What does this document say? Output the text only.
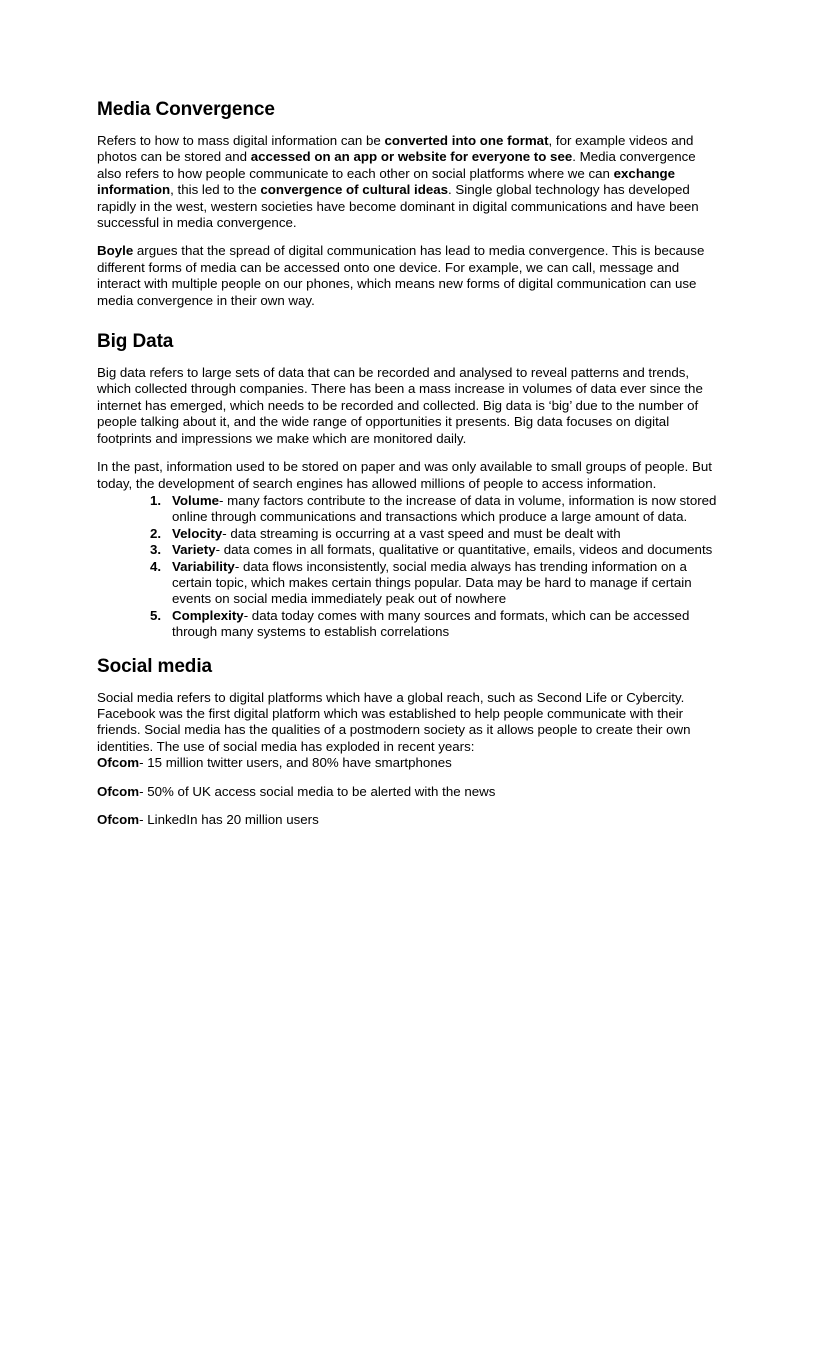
Media Convergence

Refers to how to mass digital information can be converted into one format, for example videos and photos can be stored and accessed on an app or website for everyone to see. Media convergence also refers to how people communicate to each other on social platforms where we can exchange information, this led to the convergence of cultural ideas. Single global technology has developed rapidly in the west, western societies have become dominant in digital communications and have been successful in media convergence.

Boyle argues that the spread of digital communication has lead to media convergence. This is because different forms of media can be accessed onto one device. For example, we can call, message and interact with multiple people on our phones, which means new forms of digital communication can use media convergence in their own way.

Big Data

Big data refers to large sets of data that can be recorded and analysed to reveal patterns and trends, which collected through companies. There has been a mass increase in volumes of data ever since the internet has emerged, which needs to be recorded and collected. Big data is ‘big’ due to the number of people talking about it, and the wide range of opportunities it presents. Big data focuses on digital footprints and impressions we make which are monitored daily.

In the past, information used to be stored on paper and was only available to small groups of people. But today, the development of search engines has allowed millions of people to access information.

Volume- many factors contribute to the increase of data in volume, information is now stored online through communications and transactions which produce a large amount of data.
Velocity- data streaming is occurring at a vast speed and must be dealt with
Variety- data comes in all formats, qualitative or quantitative, emails, videos and documents
Variability- data flows inconsistently, social media always has trending information on a certain topic, which makes certain things popular. Data may be hard to manage if certain events on social media immediately peak out of nowhere
Complexity- data today comes with many sources and formats, which can be accessed through many systems to establish correlations
Social media

Social media refers to digital platforms which have a global reach, such as Second Life or Cybercity. Facebook was the first digital platform which was established to help people communicate with their friends. Social media has the qualities of a postmodern society as it allows people to create their own identities. The use of social media has exploded in recent years:

Ofcom- 15 million twitter users, and 80% have smartphones

Ofcom- 50% of UK access social media to be alerted with the news

Ofcom- LinkedIn has 20 million users
